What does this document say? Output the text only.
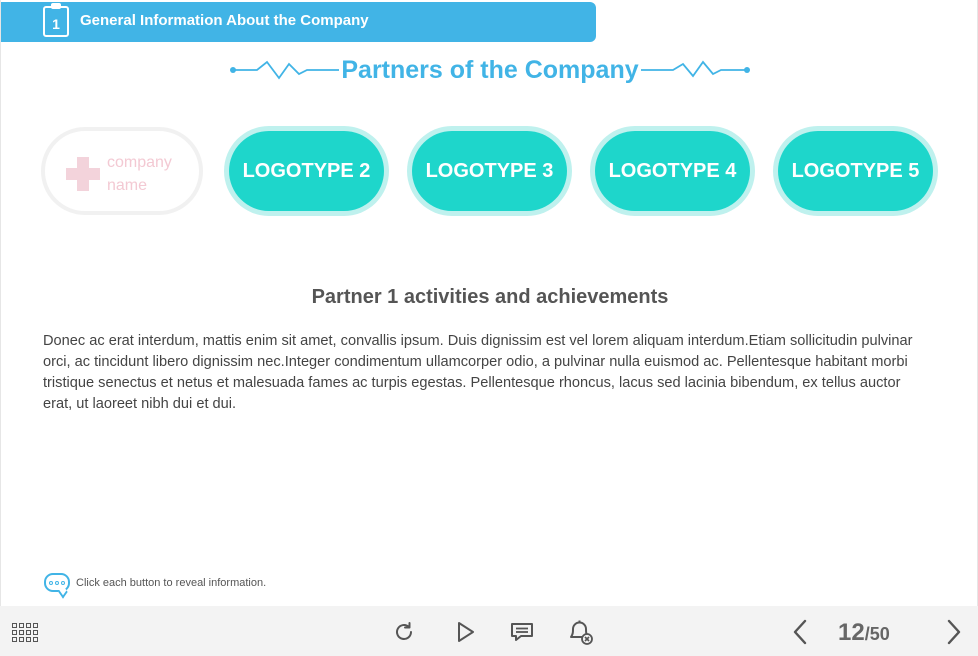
1 General Information About the Company
Partners of the Company
company
name
LOGOTYPE 2	LOGOTYPE 3	LOGOTYPE 4	LOGOTYPE 5
Partner 1 activities and achievements
Donec ac erat interdum, mattis enim sit amet, convallis ipsum. Duis dignissim est vel lorem aliquam interdum.Etiam sollicitudin pulvinar orci, ac tincidunt libero dignissim nec.Integer condimentum ullamcorper odio, a pulvinar nulla euismod ac. Pellentesque habitant morbi tristique senectus et netus et malesuada fames ac turpis egestas. Pellentesque rhoncus, lacus sed lacinia bibendum, ex tellus auctor erat, ut laoreet nibh dui et dui.
Click each button to reveal information.
12/50
